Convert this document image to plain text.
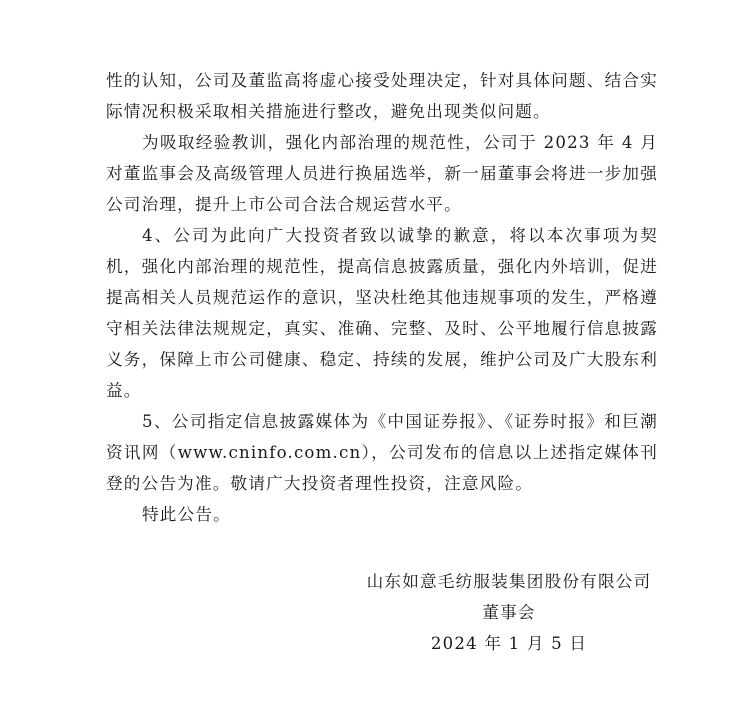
性的认知，公司及董监高将虚心接受处理决定，针对具体问题、结合实际情况积极采取相关措施进行整改，避免出现类似问题。

为吸取经验教训，强化内部治理的规范性，公司于 2023 年 4 月对董监事会及高级管理人员进行换届选举，新一届董事会将进一步加强公司治理，提升上市公司合法合规运营水平。

4、公司为此向广大投资者致以诚挚的歉意，将以本次事项为契机，强化内部治理的规范性，提高信息披露质量，强化内外培训，促进提高相关人员规范运作的意识，坚决杜绝其他违规事项的发生，严格遵守相关法律法规规定，真实、准确、完整、及时、公平地履行信息披露义务，保障上市公司健康、稳定、持续的发展，维护公司及广大股东利益。

5、公司指定信息披露媒体为《中国证券报》、《证券时报》和巨潮资讯网（www.cninfo.com.cn），公司发布的信息以上述指定媒体刊登的公告为准。敬请广大投资者理性投资，注意风险。

特此公告。

山东如意毛纺服装集团股份有限公司
董事会
2024 年 1 月 5 日
